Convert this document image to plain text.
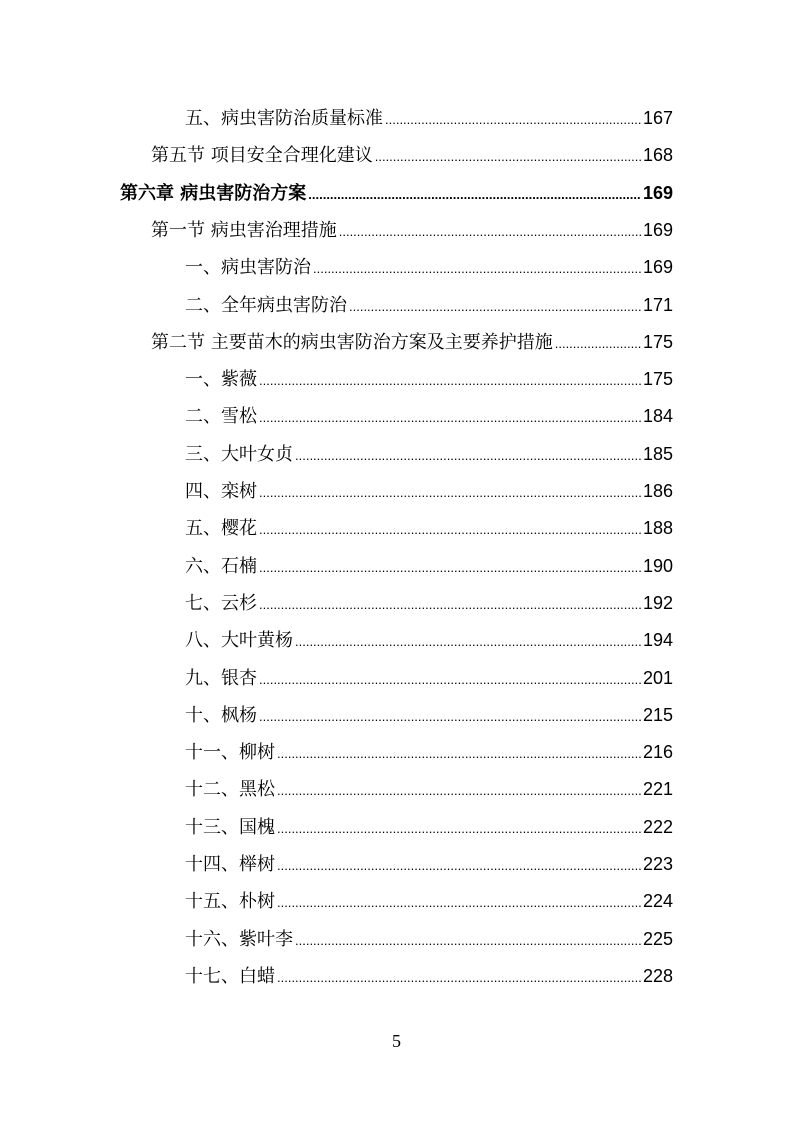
五、病虫害防治质量标准 .....	167
第五节 项目安全合理化建议 .....	168
第六章 病虫害防治方案 .....	169
第一节 病虫害治理措施 .....	169
一、病虫害防治 .....	169
二、全年病虫害防治 .....	171
第二节 主要苗木的病虫害防治方案及主要养护措施 .....	175
一、紫薇 .....	175
二、雪松 .....	184
三、大叶女贞 .....	185
四、栾树 .....	186
五、樱花 .....	188
六、石楠 .....	190
七、云杉 .....	192
八、大叶黄杨 .....	194
九、银杏 .....	201
十、枫杨 .....	215
十一、柳树 .....	216
十二、黑松 .....	221
十三、国槐 .....	222
十四、榉树 .....	223
十五、朴树 .....	224
十六、紫叶李 .....	225
十七、白蜡 .....	228
5
